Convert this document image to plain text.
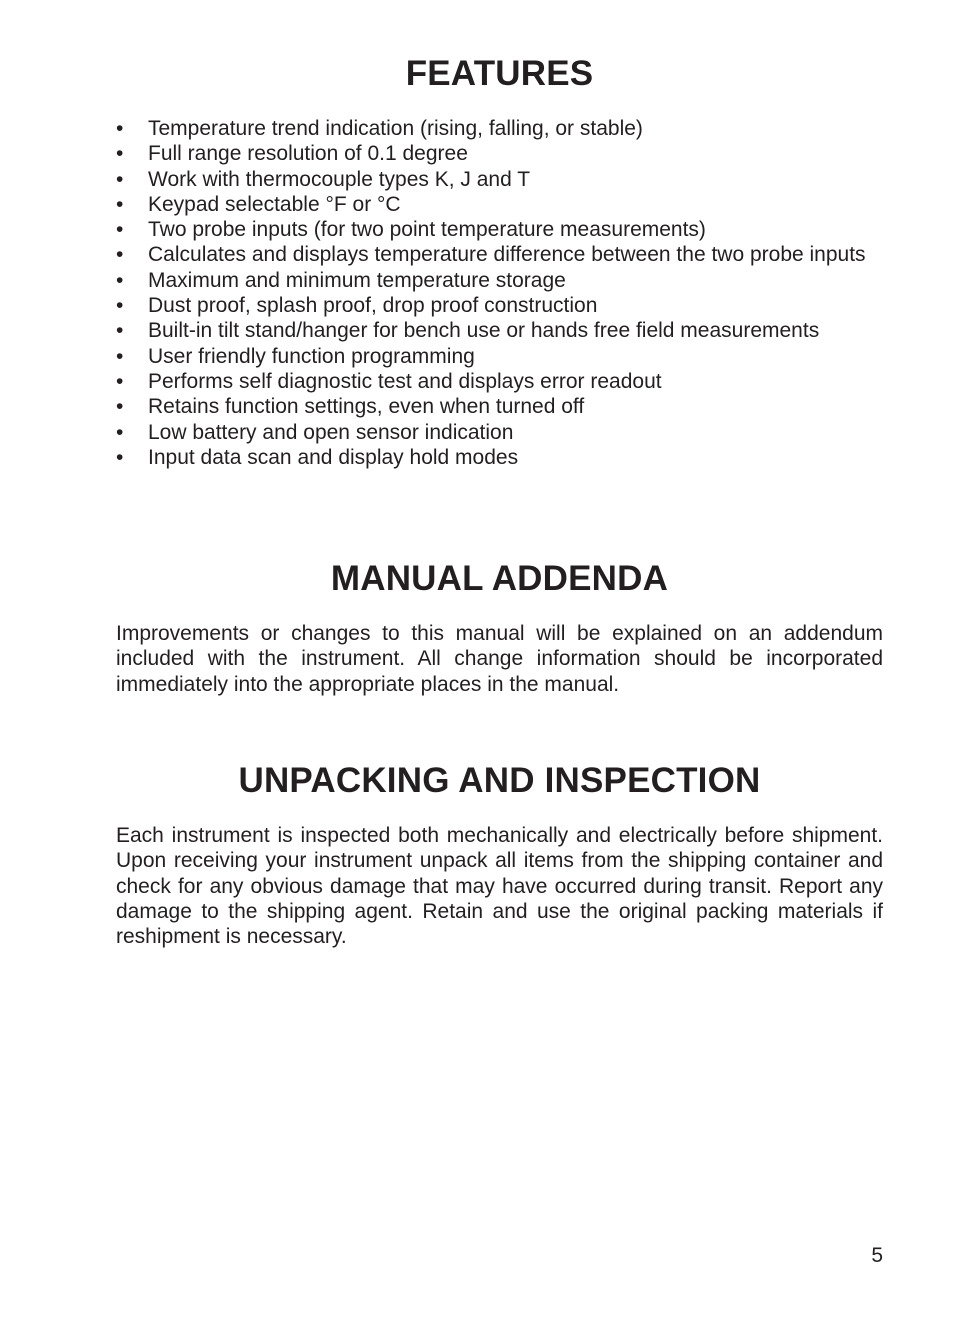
FEATURES
• Temperature trend indication (rising, falling, or stable)
• Full range resolution of 0.1 degree
• Work with thermocouple types K, J and T
• Keypad selectable °F or °C
• Two probe inputs (for two point temperature measurements)
• Calculates and displays temperature difference between the two probe inputs
• Maximum and minimum temperature storage
• Dust proof, splash proof, drop proof construction
• Built-in tilt stand/hanger for bench use or hands free field measurements
• User friendly function programming
• Performs self diagnostic test and displays error readout
• Retains function settings, even when turned off
• Low battery and open sensor indication
• Input data scan and display hold modes
MANUAL ADDENDA

Improvements or changes to this manual will be explained on an addendum included with the instrument. All change information should be incorporated immediately into the appropriate places in the manual.

UNPACKING AND INSPECTION

Each instrument is inspected both mechanically and electrically before shipment. Upon receiving your instrument unpack all items from the shipping container and check for any obvious damage that may have occurred during transit. Report any damage to the shipping agent. Retain and use the original packing materials if reshipment is necessary.

5
